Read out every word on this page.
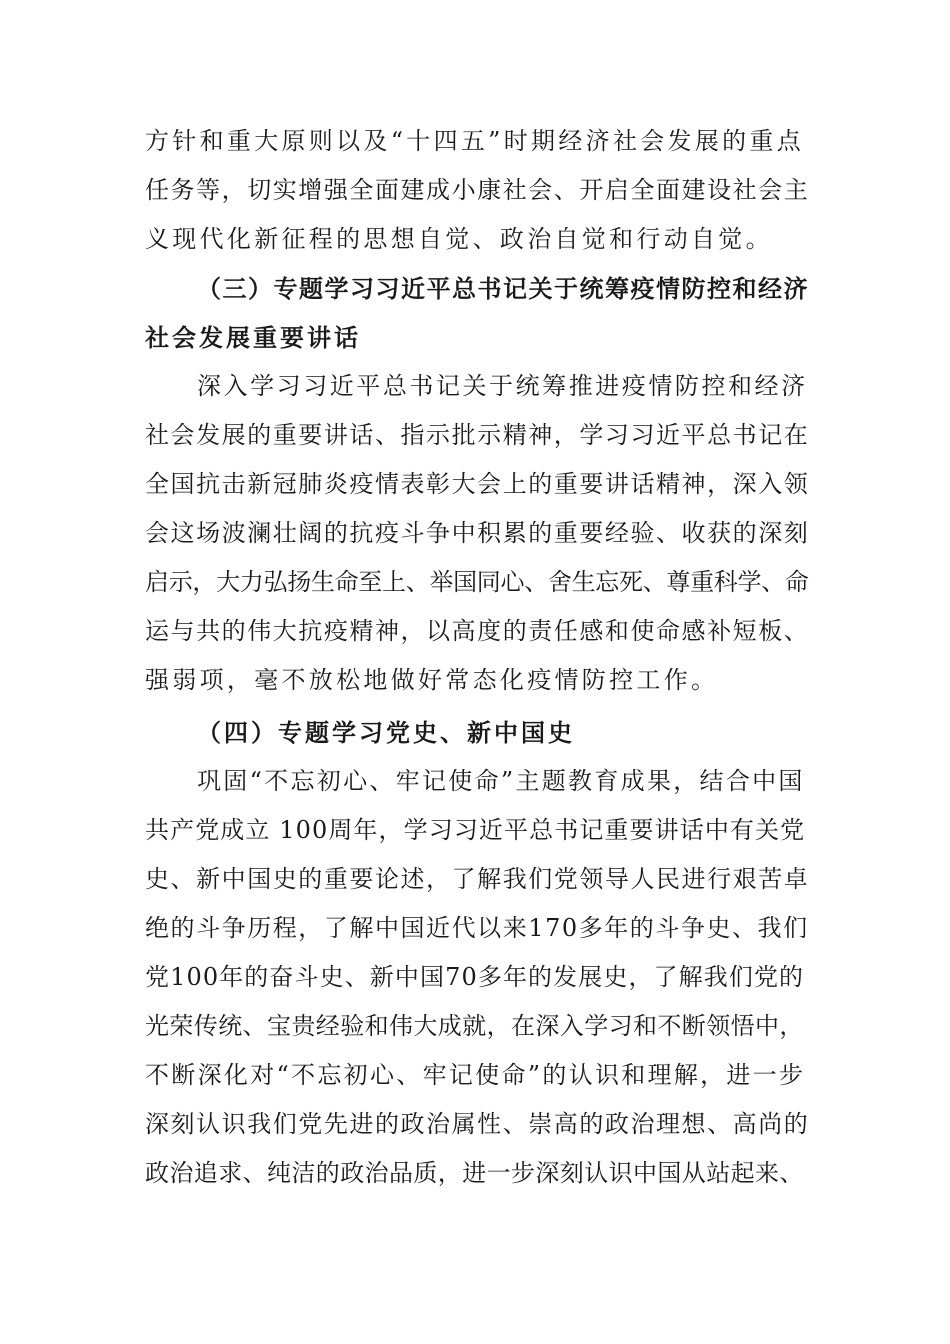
方针和重大原则以及“十四五”时期经济社会发展的重点
任务等，切实增强全面建成小康社会、开启全面建设社会主
义现代化新征程的思想自觉、政治自觉和行动自觉。
（三）专题学习习近平总书记关于统筹疫情防控和经济
社会发展重要讲话
深入学习习近平总书记关于统筹推进疫情防控和经济
社会发展的重要讲话、指示批示精神，学习习近平总书记在
全国抗击新冠肺炎疫情表彰大会上的重要讲话精神，深入领
会这场波澜壮阔的抗疫斗争中积累的重要经验、收获的深刻
启示，大力弘扬生命至上、举国同心、舍生忘死、尊重科学、命
运与共的伟大抗疫精神，以高度的责任感和使命感补短板、
强弱项，毫不放松地做好常态化疫情防控工作。
（四）专题学习党史、新中国史
巩固“不忘初心、牢记使命”主题教育成果，结合中国
共产党成立 100周年，学习习近平总书记重要讲话中有关党
史、新中国史的重要论述，了解我们党领导人民进行艰苦卓
绝的斗争历程，了解中国近代以来170多年的斗争史、我们
党100年的奋斗史、新中国70多年的发展史，了解我们党的
光荣传统、宝贵经验和伟大成就，在深入学习和不断领悟中，
不断深化对“不忘初心、牢记使命”的认识和理解，进一步
深刻认识我们党先进的政治属性、崇高的政治理想、高尚的
政治追求、纯洁的政治品质，进一步深刻认识中国从站起来、
